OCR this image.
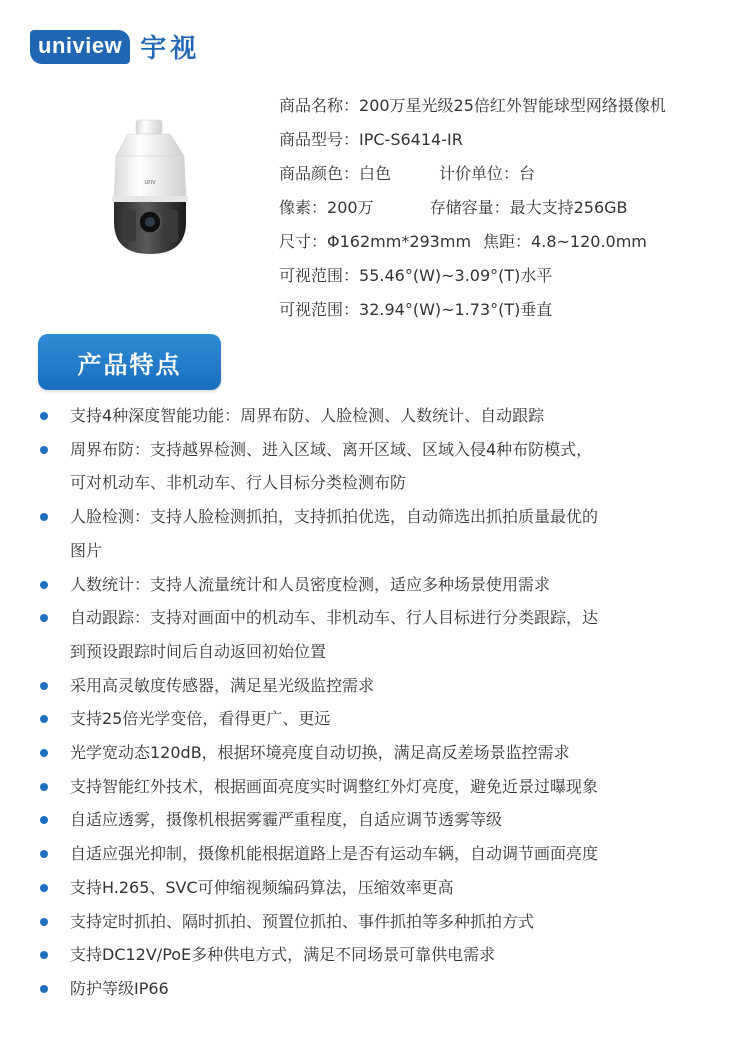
uniview 宇视
unv
商品名称：200万星光级25倍红外智能球型网络摄像机
商品型号：IPC-S6414-IR
商品颜色：白色	计价单位：台
像素：200万	存储容量：最大支持256GB
尺寸：Φ162mm*293mm 焦距：4.8~120.0mm
可视范围：55.46°(W)~3.09°(T)水平
可视范围：32.94°(W)~1.73°(T)垂直
产品特点
支持4种深度智能功能：周界布防、人脸检测、人数统计、自动跟踪
周界布防：支持越界检测、进入区域、离开区域、区域入侵4种布防模式，
可对机动车、非机动车、行人目标分类检测布防
人脸检测：支持人脸检测抓拍，支持抓拍优选，自动筛选出抓拍质量最优的
图片
人数统计：支持人流量统计和人员密度检测，适应多种场景使用需求
自动跟踪：支持对画面中的机动车、非机动车、行人目标进行分类跟踪，达
到预设跟踪时间后自动返回初始位置
采用高灵敏度传感器，满足星光级监控需求
支持25倍光学变倍，看得更广、更远
光学宽动态120dB，根据环境亮度自动切换，满足高反差场景监控需求
支持智能红外技术，根据画面亮度实时调整红外灯亮度，避免近景过曝现象
自适应透雾，摄像机根据雾霾严重程度，自适应调节透雾等级
自适应强光抑制，摄像机能根据道路上是否有运动车辆，自动调节画面亮度
支持H.265、SVC可伸缩视频编码算法，压缩效率更高
支持定时抓拍、隔时抓拍、预置位抓拍、事件抓拍等多种抓拍方式
支持DC12V/PoE多种供电方式，满足不同场景可靠供电需求
防护等级IP66
